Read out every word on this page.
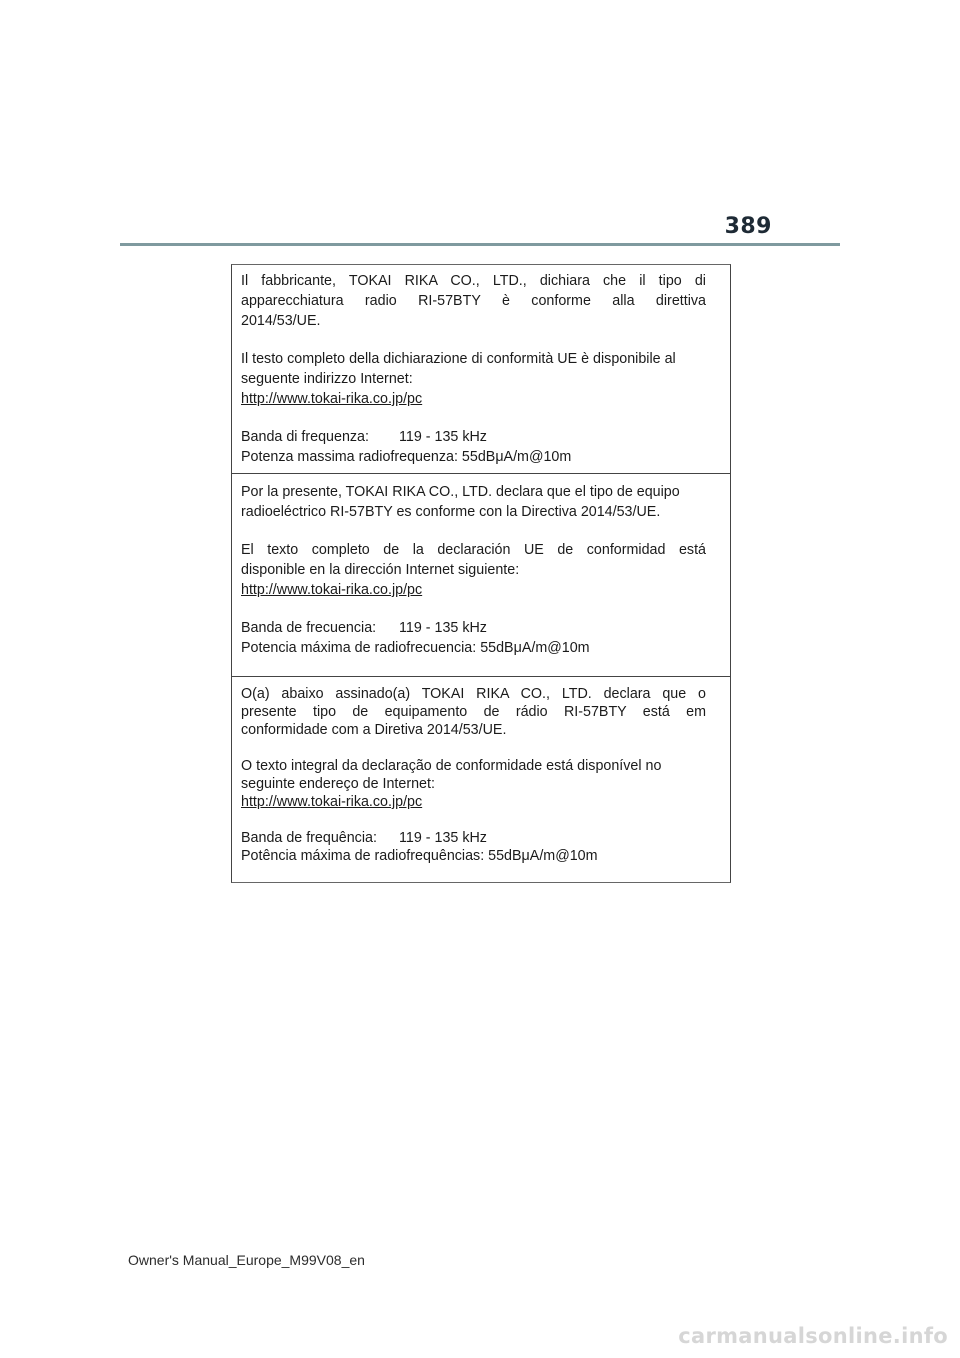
389

Il fabbricante, TOKAI RIKA CO., LTD., dichiara che il tipo di
apparecchiatura radio RI-57BTY è conforme alla direttiva
2014/53/UE.

Il testo completo della dichiarazione di conformità UE è disponibile al
seguente indirizzo Internet:
http://www.tokai-rika.co.jp/pc

Banda di frequenza: 119 - 135 kHz
Potenza massima radiofrequenza: 55dBμA/m@10m

Por la presente, TOKAI RIKA CO., LTD. declara que el tipo de equipo
radioeléctrico RI-57BTY es conforme con la Directiva 2014/53/UE.

El texto completo de la declaración UE de conformidad está
disponible en la dirección Internet siguiente:
http://www.tokai-rika.co.jp/pc

Banda de frecuencia: 119 - 135 kHz
Potencia máxima de radiofrecuencia: 55dBμA/m@10m

O(a) abaixo assinado(a) TOKAI RIKA CO., LTD. declara que o
presente tipo de equipamento de rádio RI-57BTY está em
conformidade com a Diretiva 2014/53/UE.

O texto integral da declaração de conformidade está disponível no
seguinte endereço de Internet:
http://www.tokai-rika.co.jp/pc

Banda de frequência: 119 - 135 kHz
Potência máxima de radiofrequências: 55dBμA/m@10m

Owner's Manual_Europe_M99V08_en
carmanualsonline.info
